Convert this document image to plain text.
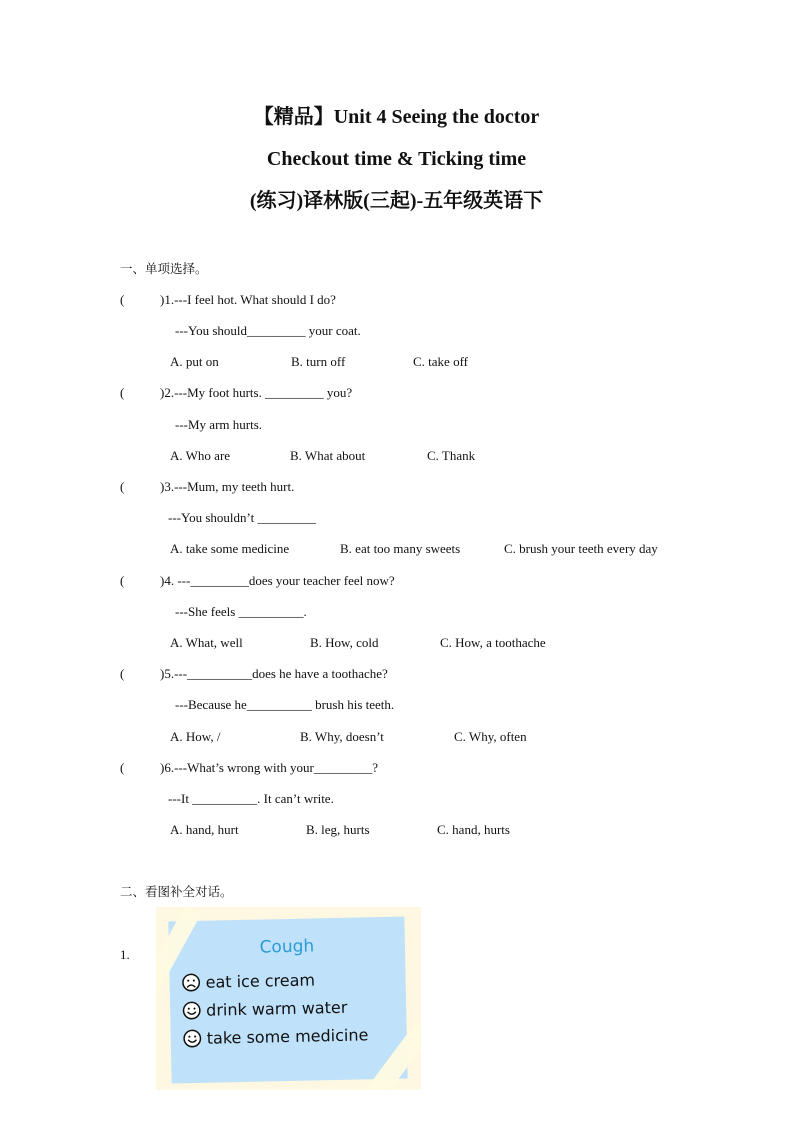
【精品】Unit 4 Seeing the doctor
Checkout time & Ticking time
(练习)译林版(三起)-五年级英语下
一、单项选择。
(	)1.---I feel hot. What should I do?
---You should_________ your coat.
A. put on	B. turn off	C. take off
(	)2.---My foot hurts. _________ you?
---My arm hurts.
A. Who are	B. What about	C. Thank
(	)3.---Mum, my teeth hurt.
---You shouldn’t _________
A. take some medicine	B. eat too many sweets	C. brush your teeth every day
(	)4. ---_________does your teacher feel now?
---She feels __________.
A. What, well	B. How, cold	C. How, a toothache
(	)5.---__________does he have a toothache?
---Because he__________ brush his teeth.
A. How, /	B. Why, doesn’t	C. Why, often
(	)6.---What’s wrong with your_________?
---It __________. It can’t write.
A. hand, hurt	B. leg, hurts	C. hand, hurts
二、看图补全对话。
1.	Cough
eat ice cream
drink warm water
take some medicine
